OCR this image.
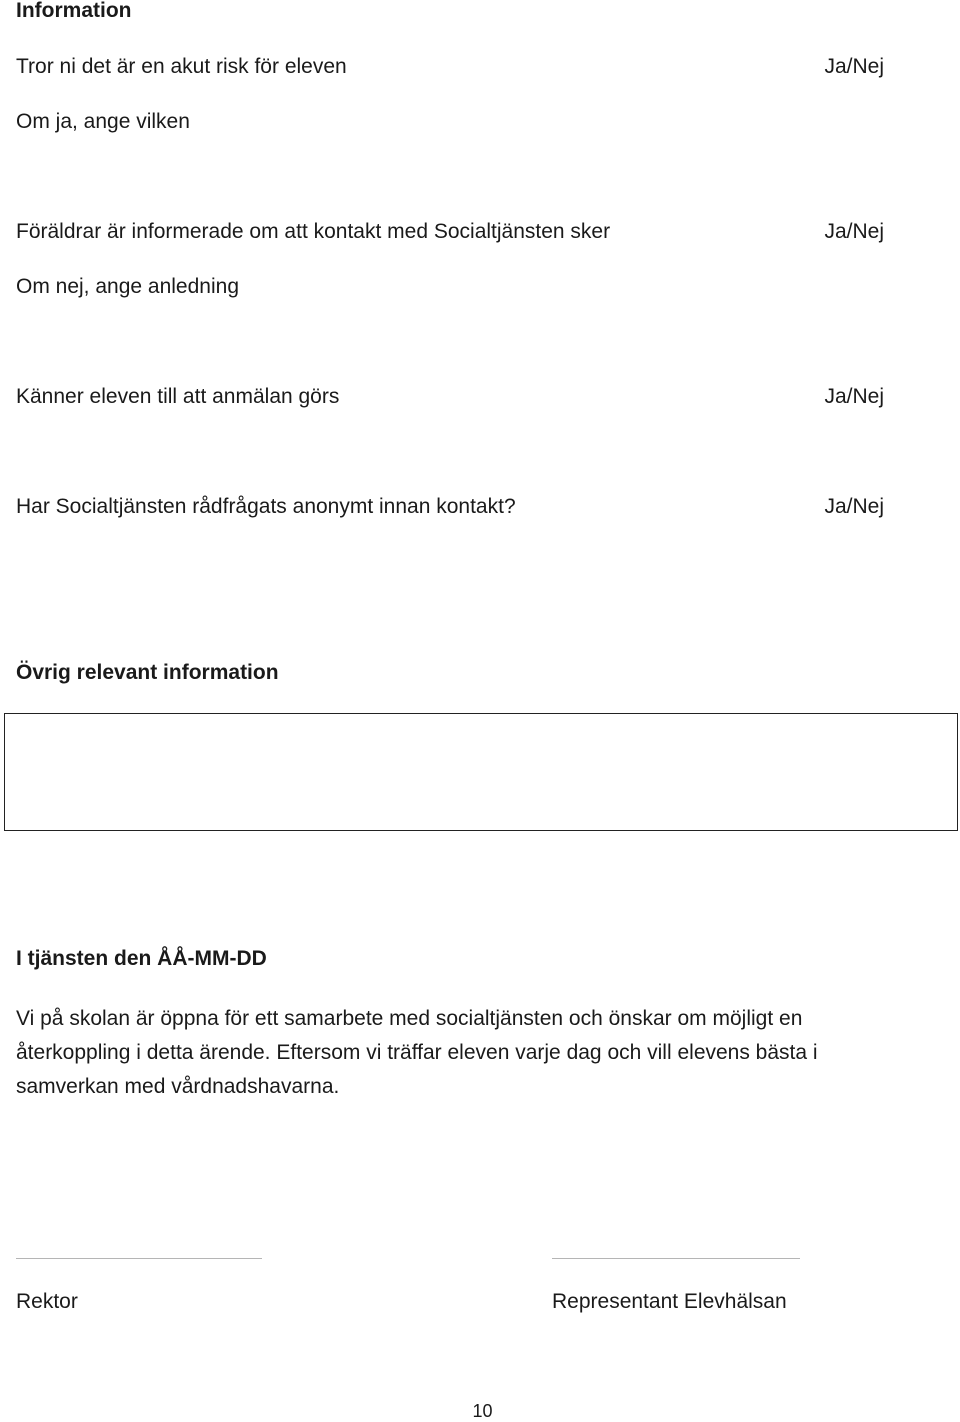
Information
Tror ni det är en akut risk för eleven	Ja/Nej
Om ja, ange vilken
Föräldrar är informerade om att kontakt med Socialtjänsten sker	Ja/Nej
Om nej, ange anledning
Känner eleven till att anmälan görs	Ja/Nej
Har Socialtjänsten rådfrågats anonymt innan kontakt?	Ja/Nej
Övrig relevant information
I tjänsten den ÅÅ-MM-DD
Vi på skolan är öppna för ett samarbete med socialtjänsten och önskar om möjligt en återkoppling i detta ärende. Eftersom vi träffar eleven varje dag och vill elevens bästa i samverkan med vårdnadshavarna.
Rektor	Representant Elevhälsan
10
